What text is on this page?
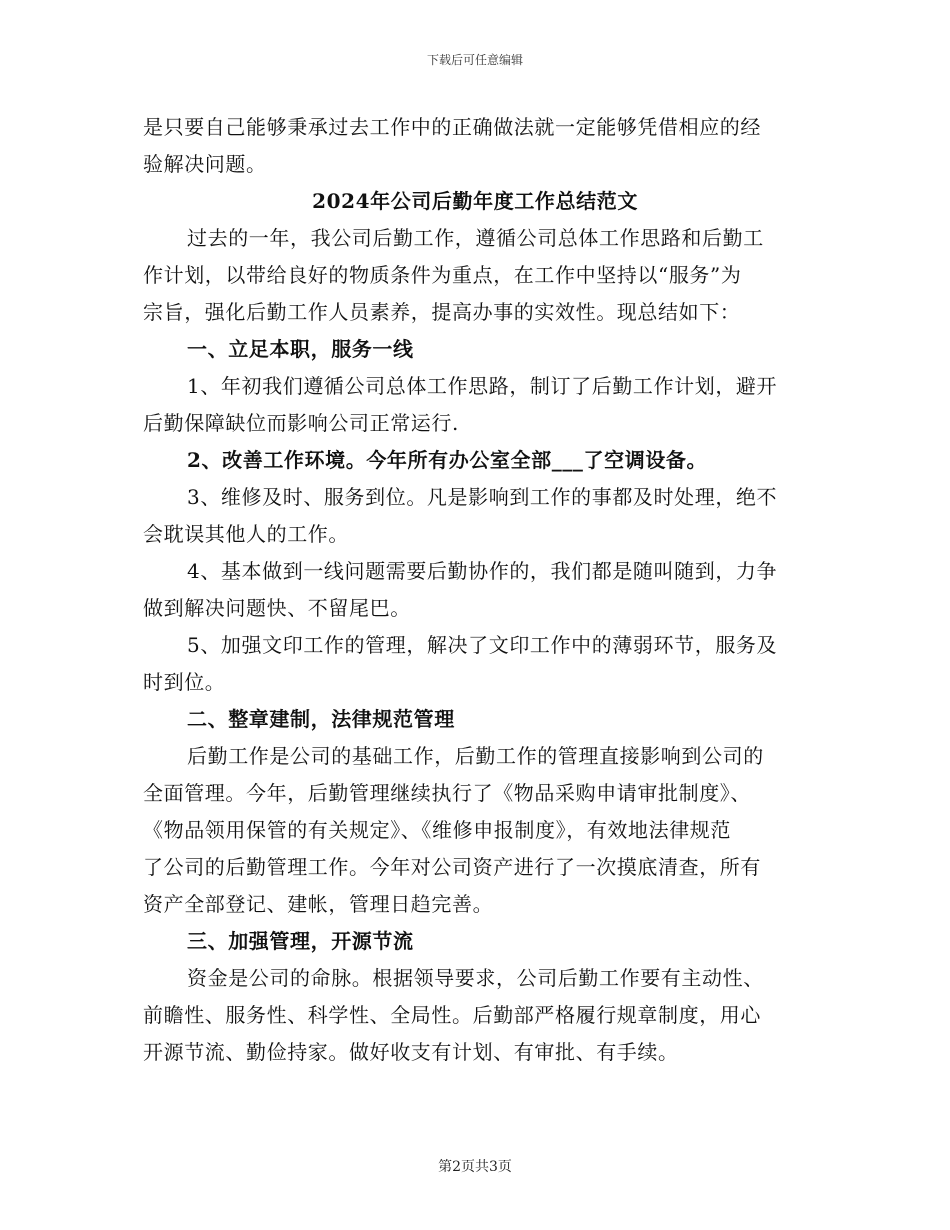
下载后可任意编辑
是只要自己能够秉承过去工作中的正确做法就一定能够凭借相应的经
验解决问题。
2024年公司后勤年度工作总结范文
过去的一年，我公司后勤工作，遵循公司总体工作思路和后勤工
作计划，以带给良好的物质条件为重点，在工作中坚持以“服务”为
宗旨，强化后勤工作人员素养，提高办事的实效性。现总结如下：
一、立足本职，服务一线
1、年初我们遵循公司总体工作思路，制订了后勤工作计划，避开
后勤保障缺位而影响公司正常运行.
2、改善工作环境。今年所有办公室全部___了空调设备。
3、维修及时、服务到位。凡是影响到工作的事都及时处理，绝不
会耽误其他人的工作。
4、基本做到一线问题需要后勤协作的，我们都是随叫随到，力争
做到解决问题快、不留尾巴。
5、加强文印工作的管理，解决了文印工作中的薄弱环节，服务及
时到位。
二、整章建制，法律规范管理
后勤工作是公司的基础工作，后勤工作的管理直接影响到公司的
全面管理。今年，后勤管理继续执行了《物品采购申请审批制度》、
《物品领用保管的有关规定》、《维修申报制度》，有效地法律规范
了公司的后勤管理工作。今年对公司资产进行了一次摸底清查，所有
资产全部登记、建帐，管理日趋完善。
三、加强管理，开源节流
资金是公司的命脉。根据领导要求，公司后勤工作要有主动性、
前瞻性、服务性、科学性、全局性。后勤部严格履行规章制度，用心
开源节流、勤俭持家。做好收支有计划、有审批、有手续。
第2页共3页
